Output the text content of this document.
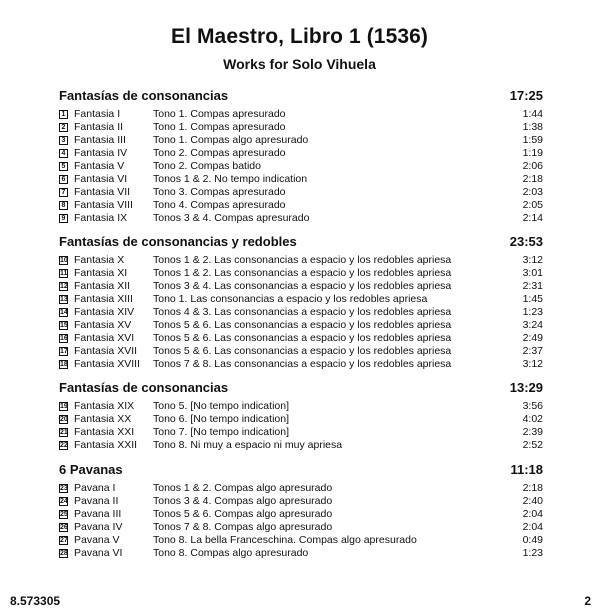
El Maestro, Libro 1 (1536)
Works for Solo Vihuela
Fantasías de consonancias	17:25
1 Fantasia I	Tono 1. Compas apresurado	1:44
2 Fantasia II	Tono 1. Compas apresurado	1:38
3 Fantasia III	Tono 1. Compas algo apresurado	1:59
4 Fantasia IV Tono 2. Compas apresurado	1:19
5 Fantasia V	Tono 2. Compas batido	2:06
6 Fantasia VI Tonos 1 & 2. No tempo indication	2:18
7 Fantasia VII Tono 3. Compas apresurado	2:03
8 Fantasia VIII Tono 4. Compas apresurado	2:05
9 Fantasia IX Tonos 3 & 4. Compas apresurado	2:14
Fantasías de consonancias y redobles	23:53
10 Fantasia X	Tonos 1 & 2. Las consonancias a espacio y los redobles apriesa	3:12
11 Fantasia XI Tonos 1 & 2. Las consonancias a espacio y los redobles apriesa	3:01
12 Fantasia XII Tonos 3 & 4. Las consonancias a espacio y los redobles apriesa	2:31
13 Fantasia XIII Tono 1. Las consonancias a espacio y los redobles apriesa	1:45
14 Fantasia XIV Tonos 4 & 3. Las consonancias a espacio y los redobles apriesa	1:23
15 Fantasia XV Tonos 5 & 6. Las consonancias a espacio y los redobles apriesa	3:24
16 Fantasia XVI Tonos 5 & 6. Las consonancias a espacio y los redobles apriesa	2:49
17 Fantasia XVII Tonos 5 & 6. Las consonancias a espacio y los redobles apriesa	2:37
18 Fantasia XVIII Tonos 7 & 8. Las consonancias a espacio y los redobles apriesa	3:12
Fantasías de consonancias	13:29
19 Fantasia XIX Tono 5. [No tempo indication]	3:56
20 Fantasia XX Tono 6. [No tempo indication]	4:02
21 Fantasia XXI Tono 7. [No tempo indication]	2:39
22 Fantasia XXII Tono 8. Ni muy a espacio ni muy apriesa	2:52
6 Pavanas	11:18
23 Pavana I	Tonos 1 & 2. Compas algo apresurado	2:18
24 Pavana II	Tonos 3 & 4. Compas algo apresurado	2:40
25 Pavana III	Tonos 5 & 6. Compas algo apresurado	2:04
26 Pavana IV	Tonos 7 & 8. Compas algo apresurado	2:04
27 Pavana V	Tono 8. La bella Franceschina. Compas algo apresurado	0:49
28 Pavana VI	Tono 8. Compas algo apresurado	1:23
8.573305	2
